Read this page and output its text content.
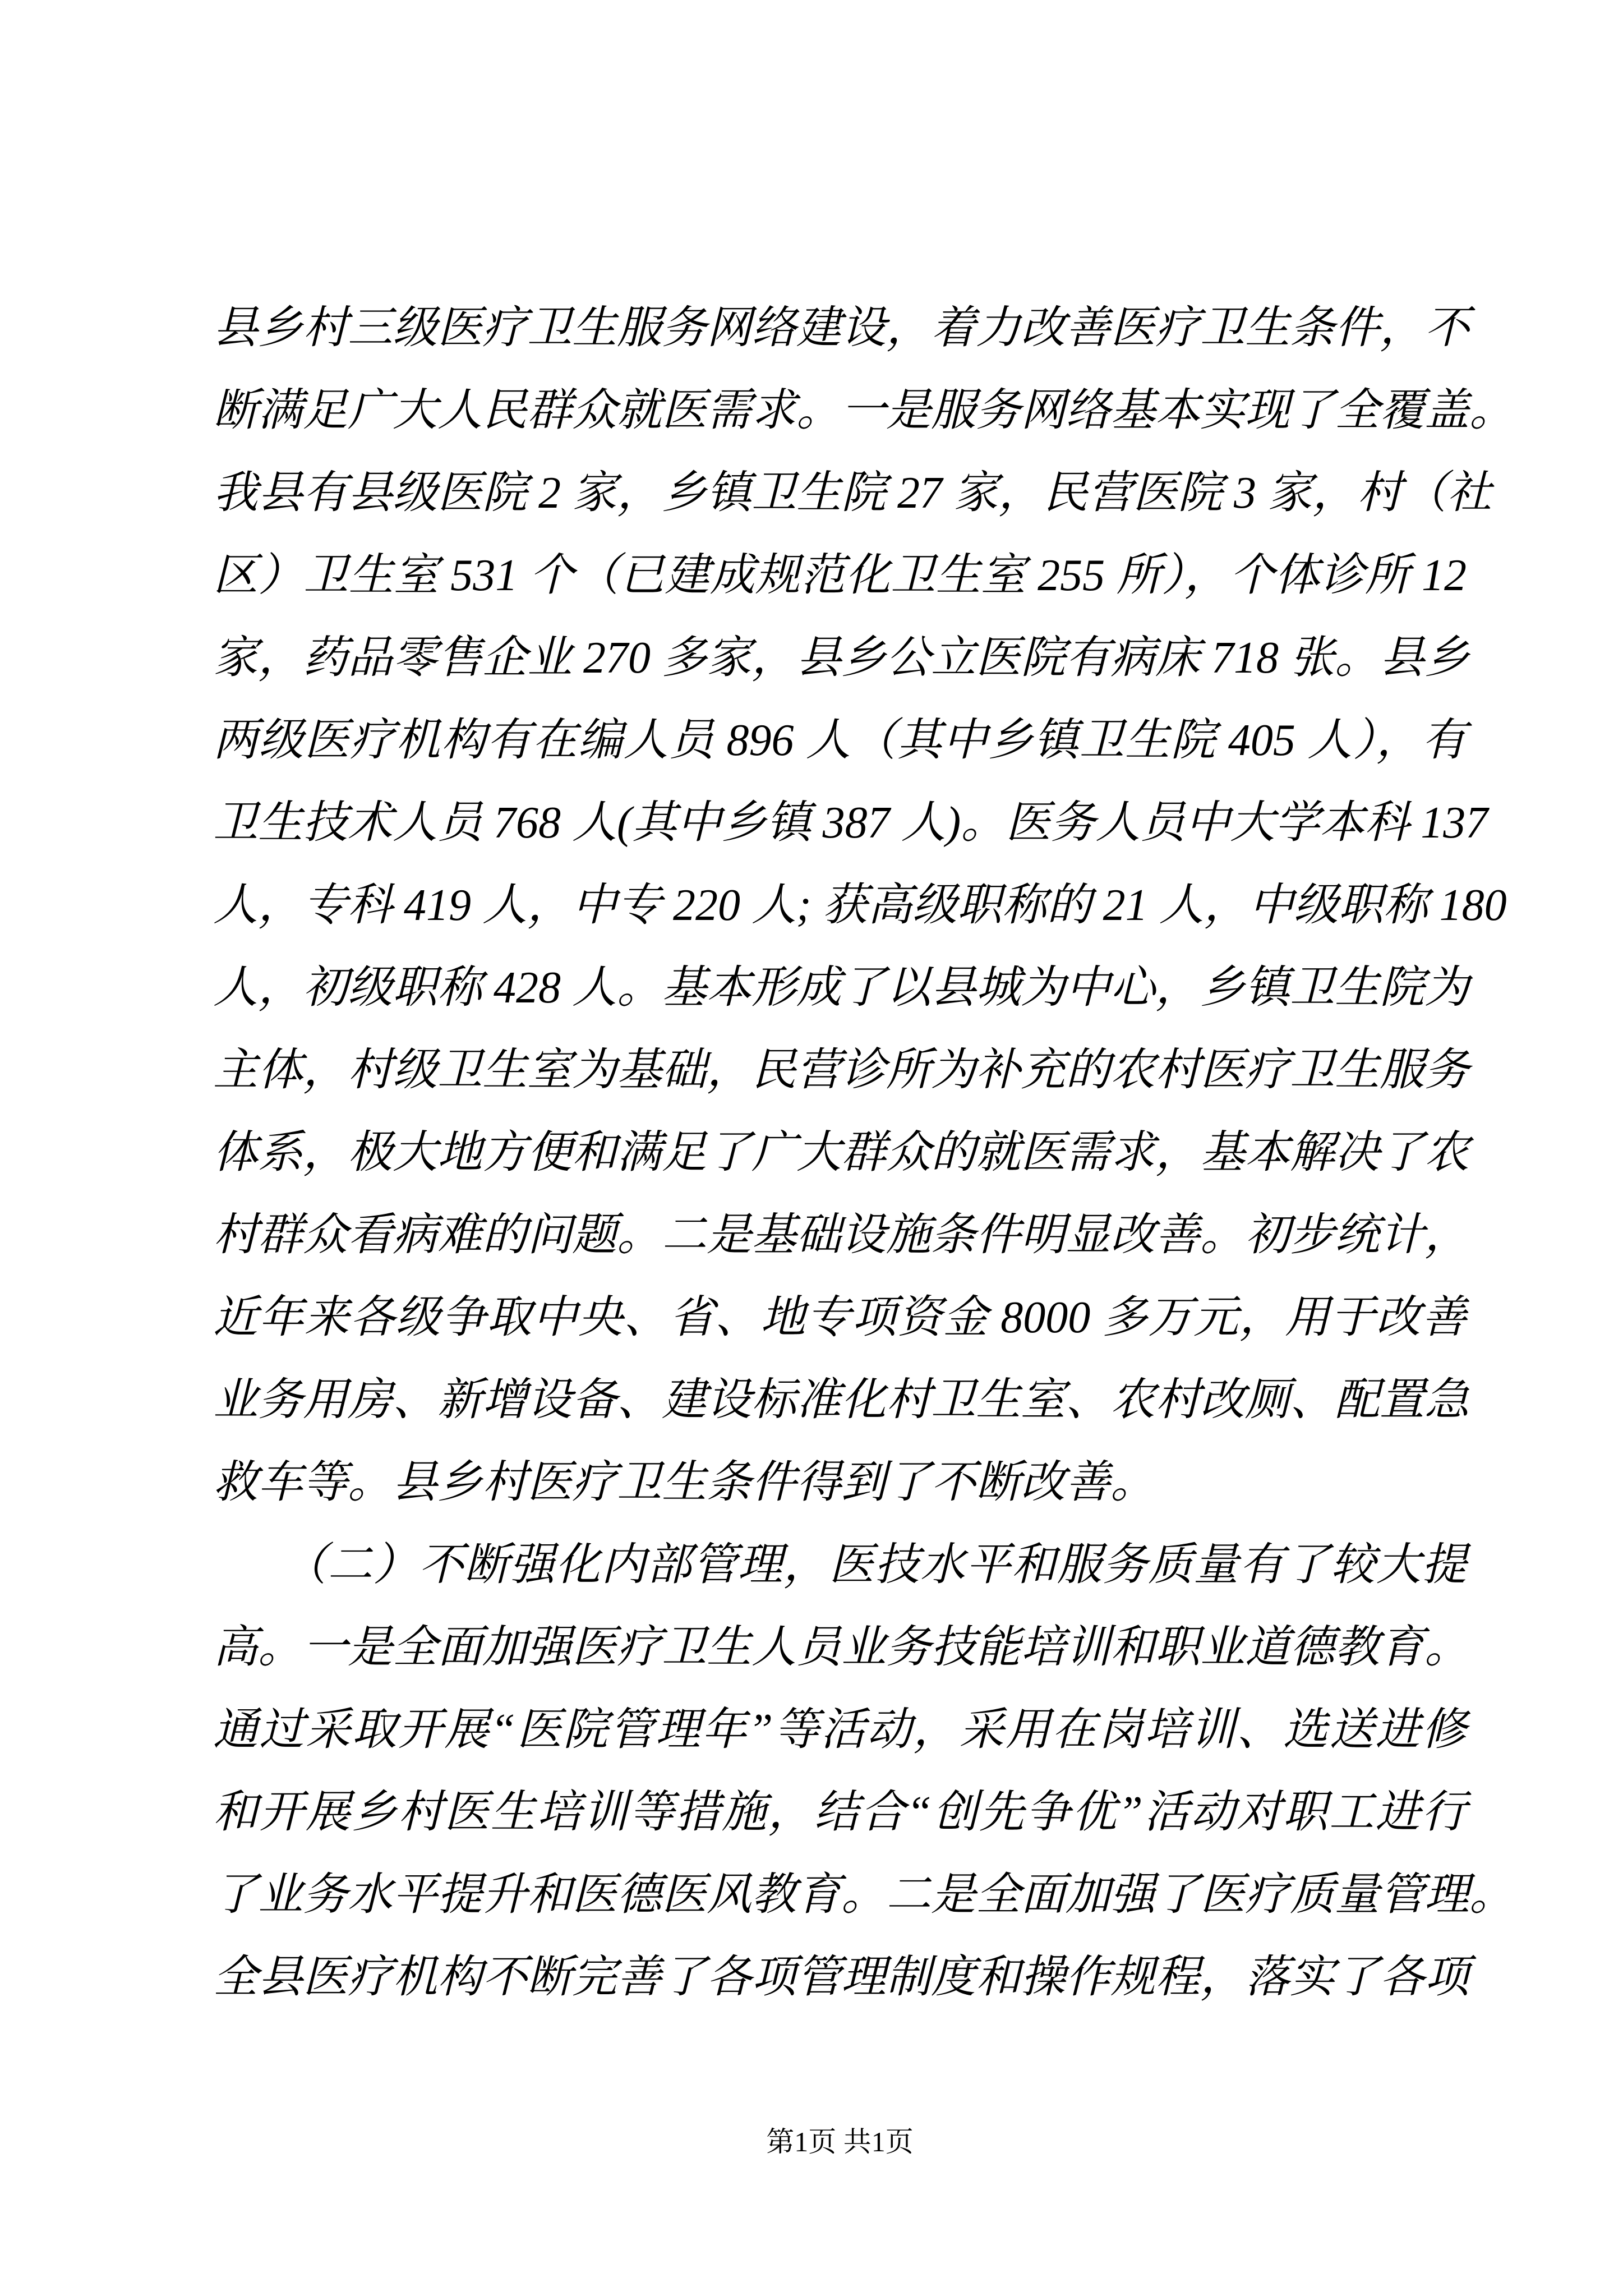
县乡村三级医疗卫生服务网络建设，着力改善医疗卫生条件，不
断满足广大人民群众就医需求。一是服务网络基本实现了全覆盖。
我县有县级医院 2 家，乡镇卫生院 27 家，民营医院 3 家，村（社
区）卫生室 531 个（已建成规范化卫生室 255 所），个体诊所 12
家，药品零售企业 270 多家，县乡公立医院有病床 718 张。县乡
两级医疗机构有在编人员 896 人（其中乡镇卫生院 405 人），有
卫生技术人员 768 人(其中乡镇 387 人)。医务人员中大学本科 137
人，专科 419 人，中专 220 人; 获高级职称的 21 人，中级职称 180
人，初级职称 428 人。基本形成了以县城为中心，乡镇卫生院为
主体，村级卫生室为基础，民营诊所为补充的农村医疗卫生服务
体系，极大地方便和满足了广大群众的就医需求，基本解决了农
村群众看病难的问题。二是基础设施条件明显改善。初步统计，
近年来各级争取中央、省、地专项资金 8000 多万元，用于改善
业务用房、新增设备、建设标准化村卫生室、农村改厕、配置急
救车等。县乡村医疗卫生条件得到了不断改善。
　　（二）不断强化内部管理，医技水平和服务质量有了较大提
高。一是全面加强医疗卫生人员业务技能培训和职业道德教育。
通过采取开展“医院管理年”等活动，采用在岗培训、选送进修
和开展乡村医生培训等措施，结合“创先争优”活动对职工进行
了业务水平提升和医德医风教育。二是全面加强了医疗质量管理。
全县医疗机构不断完善了各项管理制度和操作规程，落实了各项
第1页 共1页
